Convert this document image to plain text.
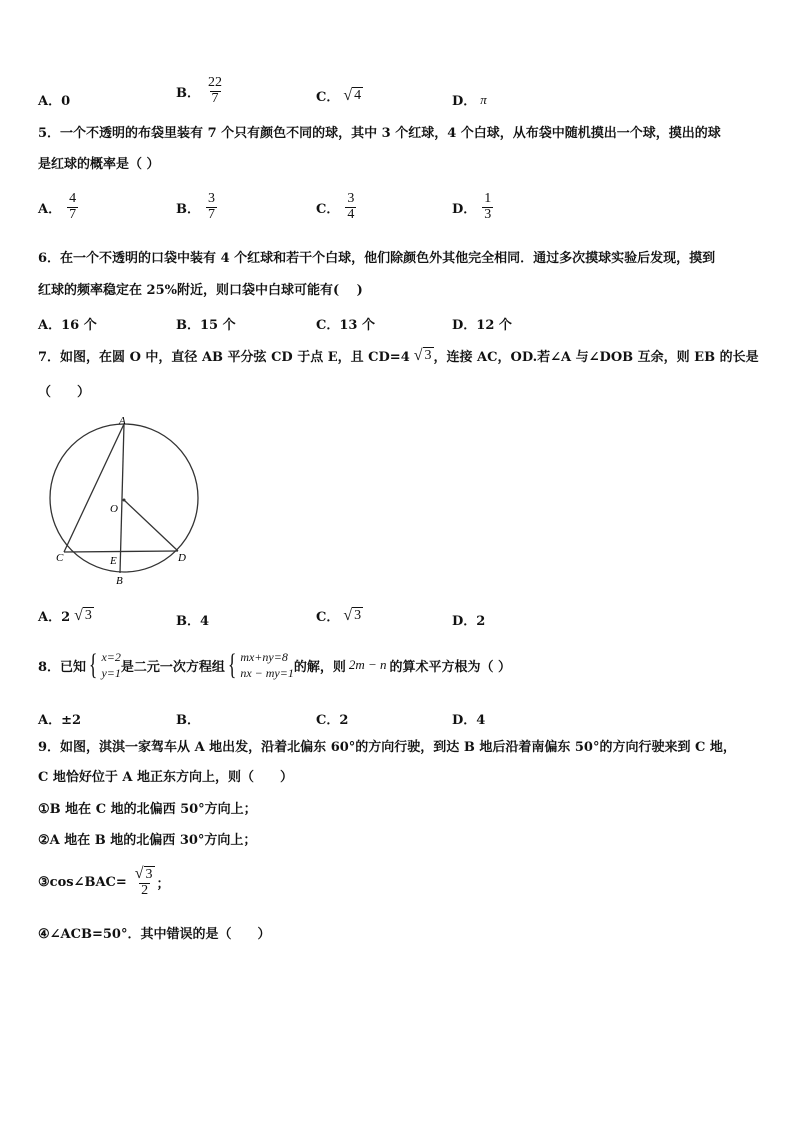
A．0
B． $\frac{22}{7}$	C． √ 4	D． π
5．一个不透明的布袋里装有 7 个只有颜色不同的球，其中 3 个红球，4 个白球，从布袋中随机摸出一个球，摸出的球
是红球的概率是（ ）
A． $\frac{4}{7}$	B． $\frac{3}{7}$	C． $\frac{3}{4}$	D． $\frac{1}{3}$
6．在一个不透明的口袋中装有 4 个红球和若干个白球，他们除颜色外其他完全相同．通过多次摸球实验后发现，摸到
红球的频率稳定在 25%附近，则口袋中白球可能有(　 )
A．16 个	B．15 个	C．13 个	D．12 个
7．如图，在圆 O 中，直径 AB 平分弦 CD 于点 E，且 CD=4 √ 3 ，连接 AC，OD.若∠A 与∠DOB 互余，则 EB 的长是
（　　）
A
O
C	E	D
B
A．2 √ 3	B．4	C． √ 3	D．2
8．已知 { x=2
y=1 是二元一次方程组 { mx+ny=8
nx − my=1 的解，则 2m − n 的算术平方根为（ ）
A．±2	B．	C．2	D．4
9．如图，淇淇一家驾车从 A 地出发，沿着北偏东 60°的方向行驶，到达 B 地后沿着南偏东 50°的方向行驶来到 C 地，
C 地恰好位于 A 地正东方向上，则（　　）
①B 地在 C 地的北偏西 50°方向上；
②A 地在 B 地的北偏西 30°方向上；
③cos∠BAC= $\frac{√ 3}{2}$ ；
④∠ACB=50°．其中错误的是（　　）
